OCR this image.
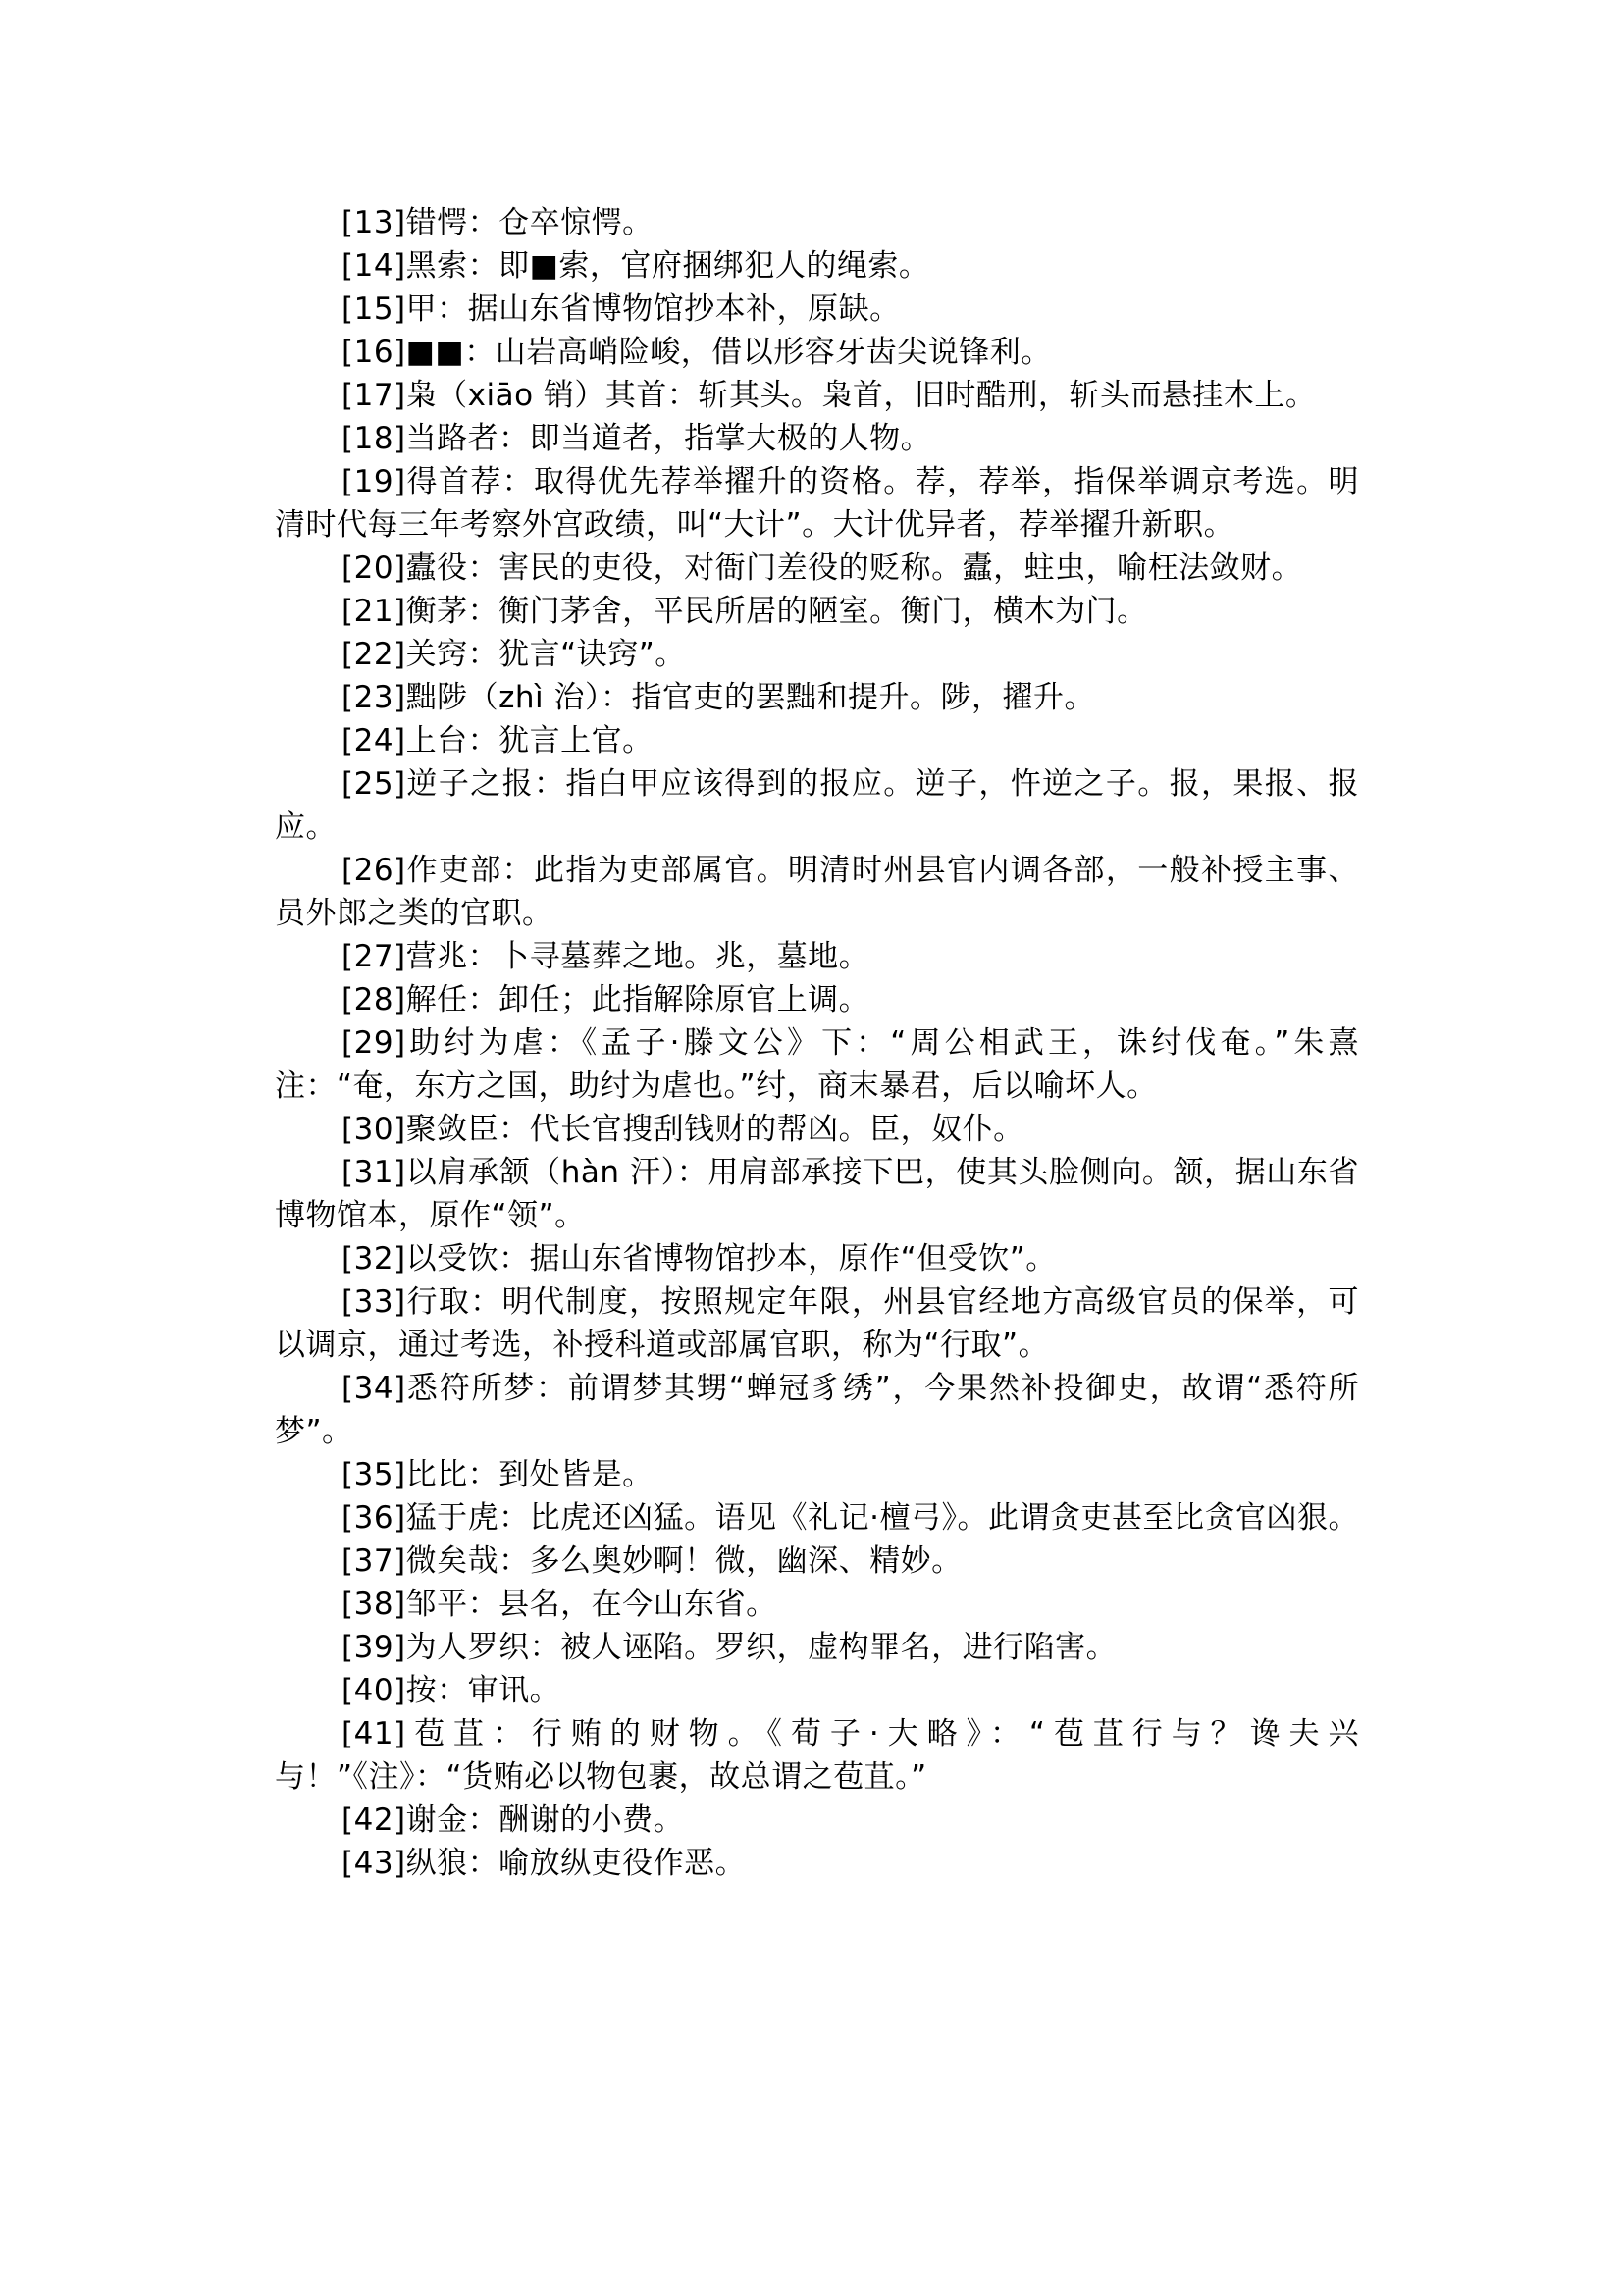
[13]错愕：仓卒惊愕。
[14]黑索：即■索，官府捆绑犯人的绳索。
[15]甲：据山东省博物馆抄本补，原缺。
[16]■■：山岩高峭险峻，借以形容牙齿尖说锋利。
[17]枭（xiāo 销）其首：斩其头。枭首，旧时酷刑，斩头而悬挂木上。
[18]当路者：即当道者，指掌大极的人物。
[19]得首荐：取得优先荐举擢升的资格。荐，荐举，指保举调京考选。明清时代每三年考察外宫政绩，叫“大计”。大计优异者，荐举擢升新职。
[20]蠹役：害民的吏役，对衙门差役的贬称。蠹，蛀虫，喻枉法敛财。
[21]衡茅：衡门茅舍，平民所居的陋室。衡门，横木为门。
[22]关窍：犹言“诀窍”。
[23]黜陟（zhì 治）：指官吏的罢黜和提升。陟，擢升。
[24]上台：犹言上官。
[25]逆子之报：指白甲应该得到的报应。逆子，忤逆之子。报，果报、报应。
[26]作吏部：此指为吏部属官。明清时州县官内调各部，一般补授主事、员外郎之类的官职。
[27]营兆：卜寻墓葬之地。兆，墓地。
[28]解任：卸任；此指解除原官上调。
[29]助纣为虐：《孟子·滕文公》下：“周公相武王，诛纣伐奄。”朱熹注：“奄，东方之国，助纣为虐也。”纣，商末暴君，后以喻坏人。
[30]聚敛臣：代长官搜刮钱财的帮凶。臣，奴仆。
[31]以肩承颔（hàn 汗）：用肩部承接下巴，使其头脸侧向。颔，据山东省博物馆本，原作“领”。
[32]以受饮：据山东省博物馆抄本，原作“但受饮”。
[33]行取：明代制度，按照规定年限，州县官经地方高级官员的保举，可以调京，通过考选，补授科道或部属官职，称为“行取”。
[34]悉符所梦：前谓梦其甥“蝉冠豸绣”，今果然补投御史，故谓“悉符所梦”。
[35]比比：到处皆是。
[36]猛于虎：比虎还凶猛。语见《礼记·檀弓》。此谓贪吏甚至比贪官凶狠。
[37]微矣哉：多么奥妙啊！微，幽深、精妙。
[38]邹平：县名，在今山东省。
[39]为人罗织：被人诬陷。罗织，虚构罪名，进行陷害。
[40]按：审讯。
[41]苞苴：行贿的财物。《荀子·大略》：“苞苴行与？谗夫兴与！”《注》：“货贿必以物包裹，故总谓之苞苴。”
[42]谢金：酬谢的小费。
[43]纵狼：喻放纵吏役作恶。
